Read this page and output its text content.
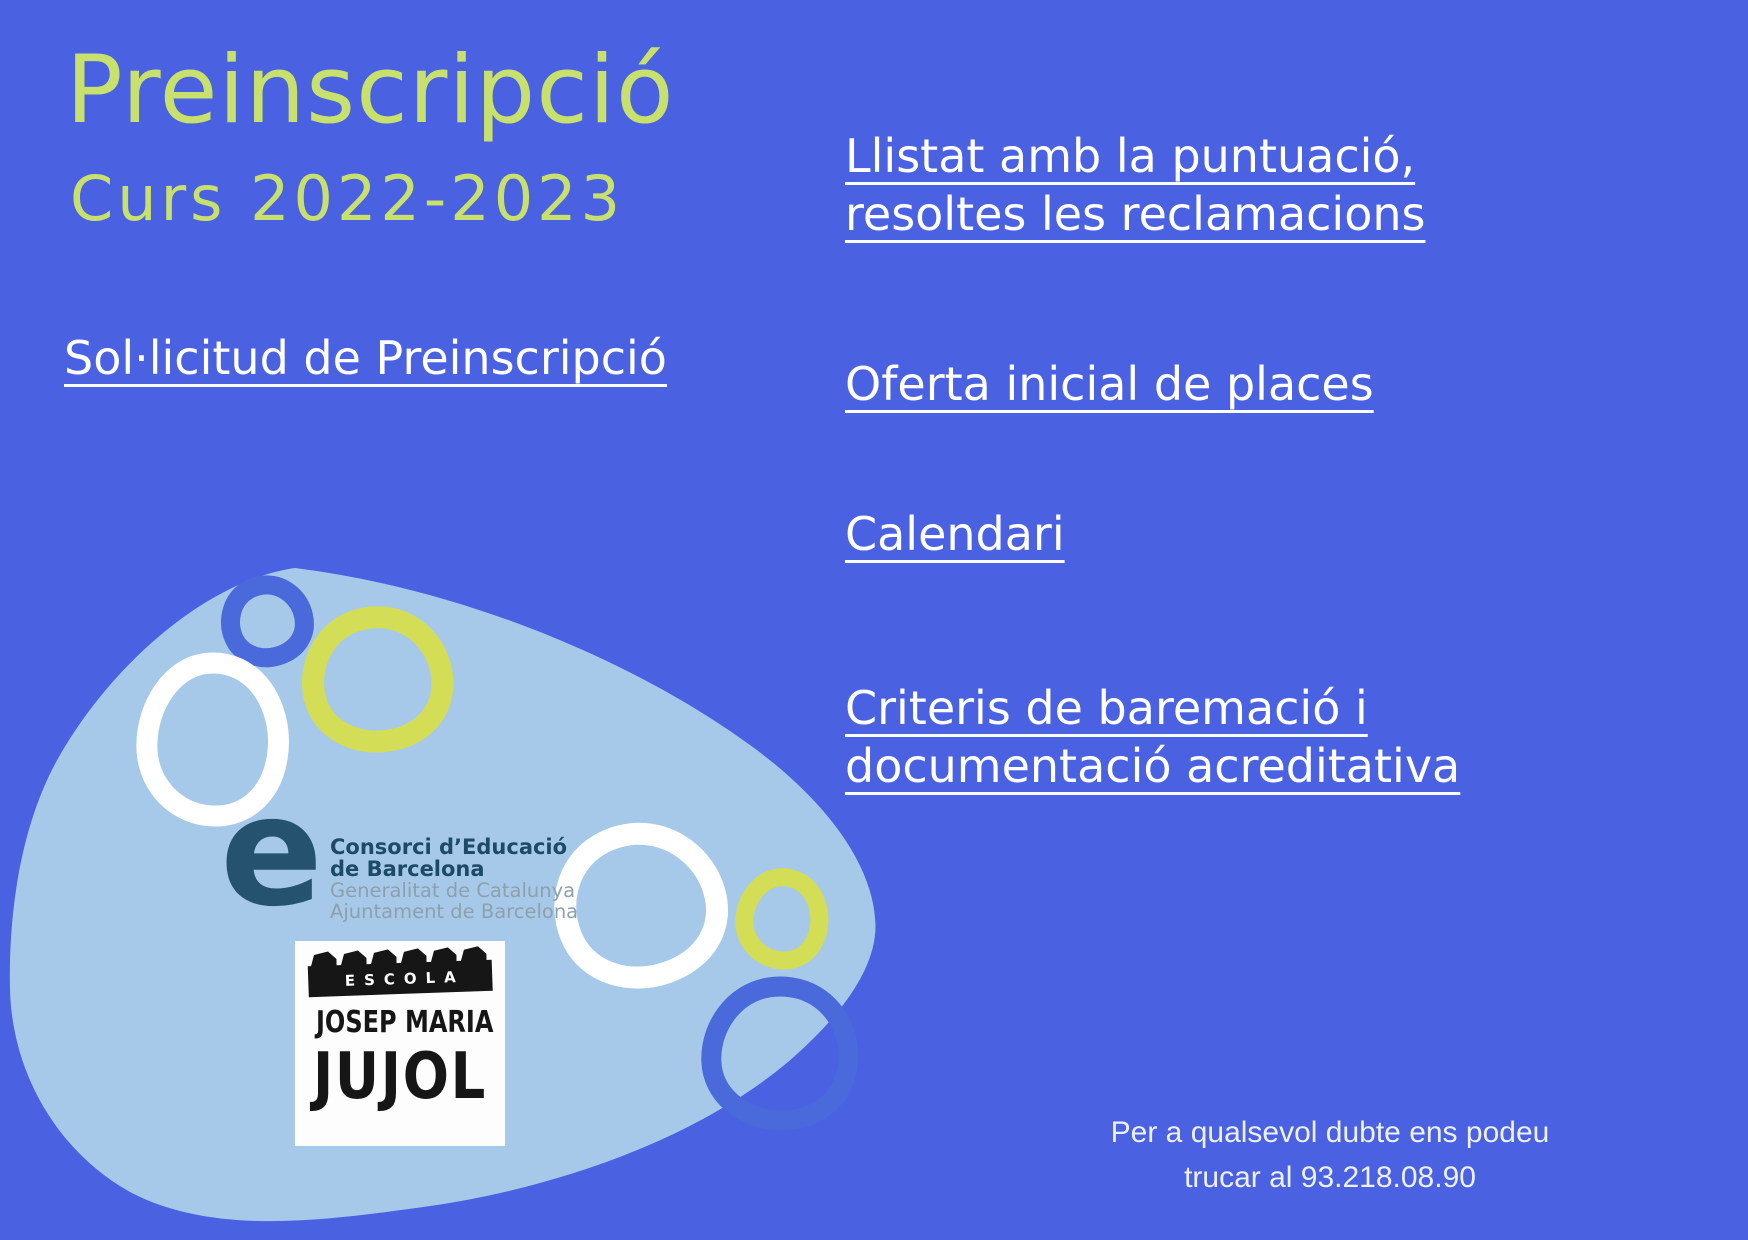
Preinscripció
Curs 2022-2023
Sol·licitud de Preinscripció
Llistat amb la puntuació,
resoltes les reclamacions
Oferta inicial de places
Calendari
Criteris de baremació i
documentació acreditativa
e Consorci d’Educació
de Barcelona
Generalitat de Catalunya
Ajuntament de Barcelona
ESCOLA
JOSEP MARIA
JUJOL
Per a qualsevol dubte ens podeu
trucar al 93.218.08.90
